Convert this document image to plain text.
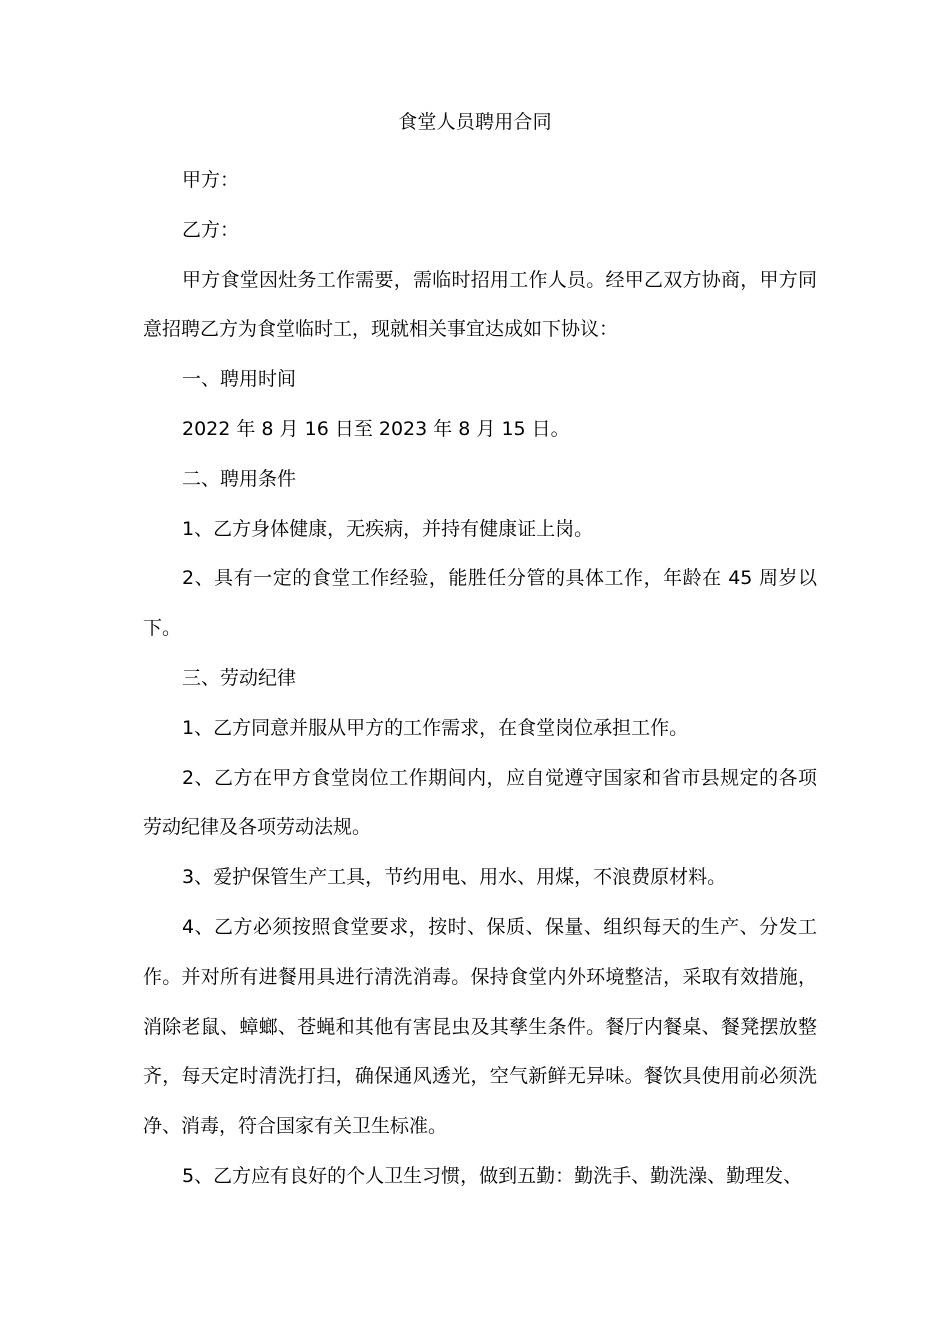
食堂人员聘用合同

甲方：

乙方：

甲方食堂因灶务工作需要，需临时招用工作人员。经甲乙双方协商，甲方同意招聘乙方为食堂临时工，现就相关事宜达成如下协议：

一、聘用时间

2022 年 8 月 16 日至 2023 年 8 月 15 日。

二、聘用条件

1、乙方身体健康，无疾病，并持有健康证上岗。

2、具有一定的食堂工作经验，能胜任分管的具体工作，年龄在 45 周岁以下。

三、劳动纪律

1、乙方同意并服从甲方的工作需求，在食堂岗位承担工作。

2、乙方在甲方食堂岗位工作期间内，应自觉遵守国家和省市县规定的各项劳动纪律及各项劳动法规。

3、爱护保管生产工具，节约用电、用水、用煤，不浪费原材料。

4、乙方必须按照食堂要求，按时、保质、保量、组织每天的生产、分发工作。并对所有进餐用具进行清洗消毒。保持食堂内外环境整洁，采取有效措施，消除老鼠、蟑螂、苍蝇和其他有害昆虫及其孳生条件。餐厅内餐桌、餐凳摆放整齐，每天定时清洗打扫，确保通风透光，空气新鲜无异味。餐饮具使用前必须洗净、消毒，符合国家有关卫生标准。

5、乙方应有良好的个人卫生习惯，做到五勤：勤洗手、勤洗澡、勤理发、
